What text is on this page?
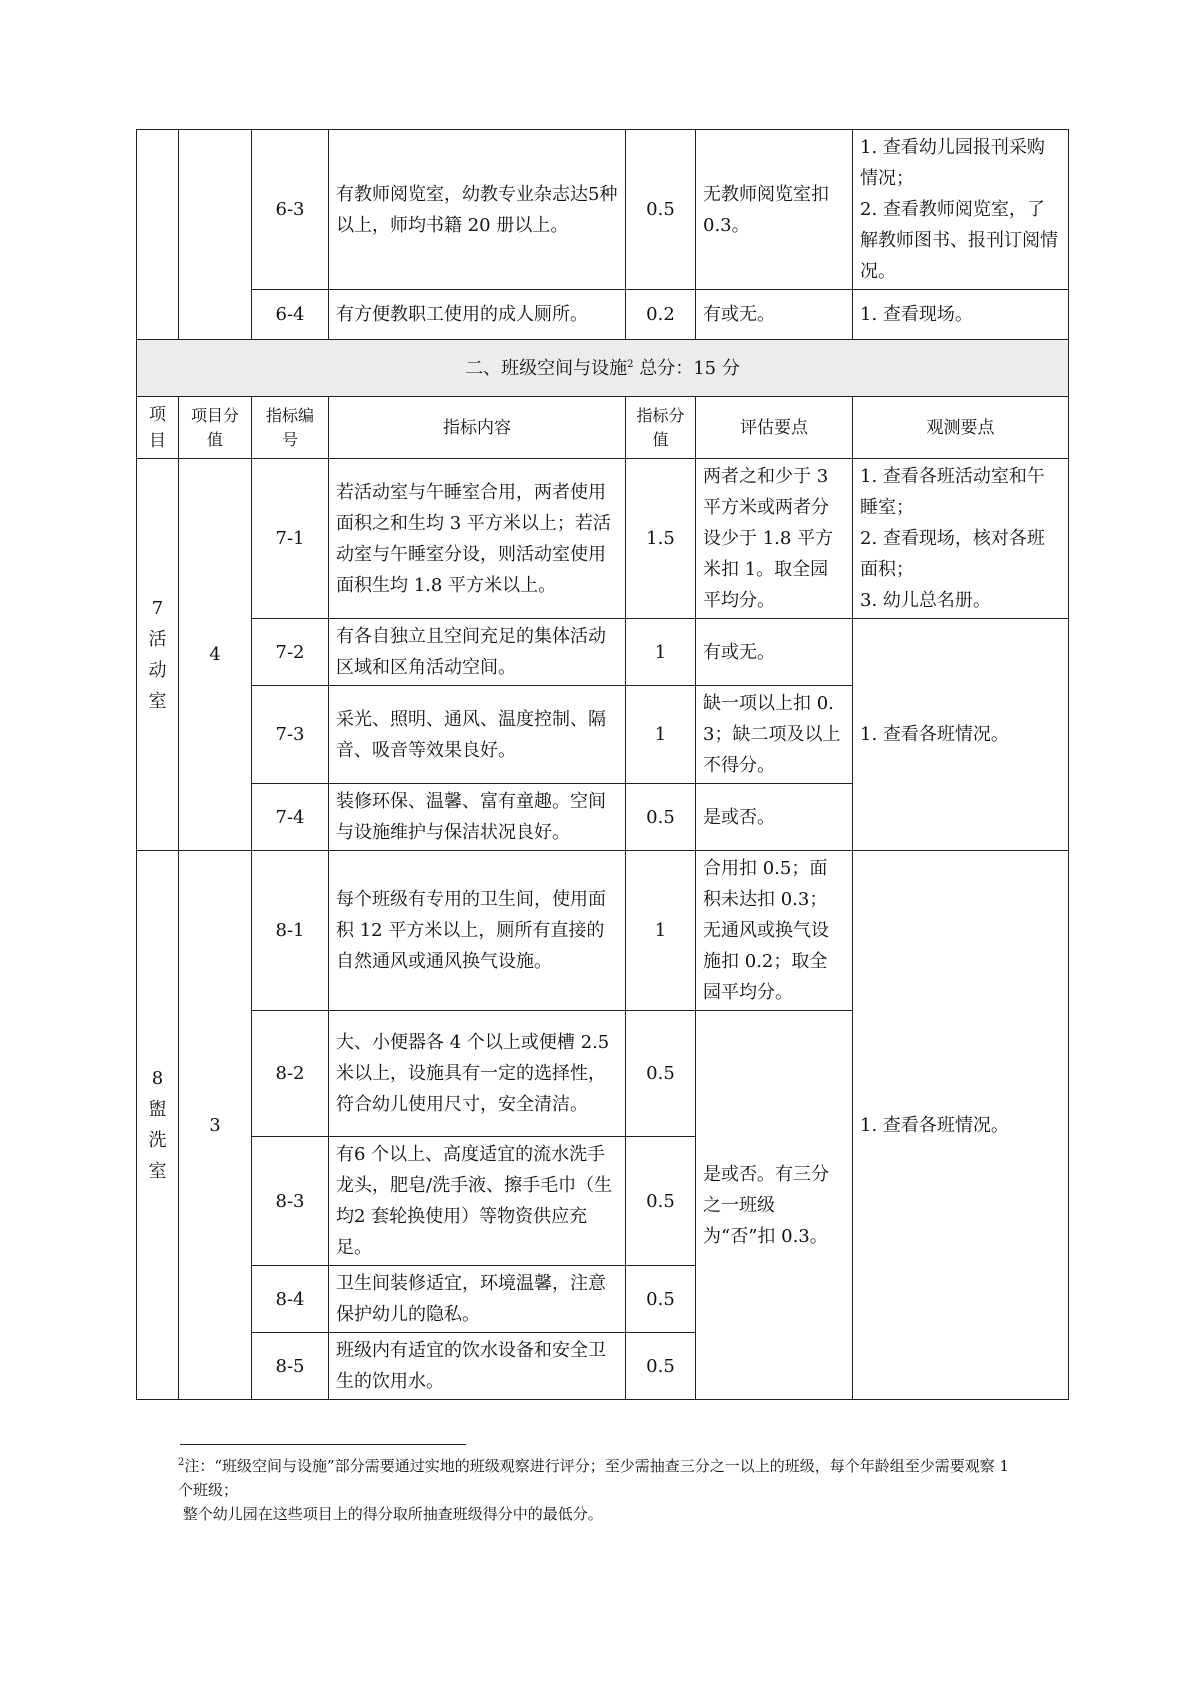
		6-3	有教师阅览室，幼教专业杂志达5种以上，师均书籍 20 册以上。	0.5	无教师阅览室扣 0.3。	1. 查看幼儿园报刊采购情况；
2. 查看教师阅览室，了解教师图书、报刊订阅情况。

		6-4	有方便教职工使用的成人厕所。	0.2	有或无。	1. 查看现场。
二、班级空间与设施$^2$ 总分：15 分						
项目	项目分值	指标编号	指标内容	指标分值	评估要点	观测要点
7活动室	4	7-1	若活动室与午睡室合用，两者使用面积之和生均 3 平方米以上；若活动室与午睡室分设，则活动室使用面积生均 1.8 平方米以上。	1.5	两者之和少于 3 平方米或两者分设少于 1.8 平方米扣 1。取全园平均分。	1. 查看各班活动室和午睡室；
2. 查看现场，核对各班面积；
3. 幼儿总名册。

		7-2	有各自独立且空间充足的集体活动区域和区角活动空间。	1	有或无。	1. 查看各班情况。
		7-3	采光、照明、通风、温度控制、隔音、吸音等效果良好。	1	缺一项以上扣 0.3；缺二项及以上不得分。	
		7-4	装修环保、温馨、富有童趣。空间与设施维护与保洁状况良好。	0.5	是或否。	
8盥洗室	3	8-1	每个班级有专用的卫生间，使用面积 12 平方米以上，厕所有直接的自然通风或通风换气设施。	1	合用扣 0.5；面积未达扣 0.3； 无通风或换气设施扣 0.2；取全园平均分。	1. 查看各班情况。
		8-2	大、小便器各 4 个以上或便槽 2.5 米以上，设施具有一定的选择性，符合幼儿使用尺寸，安全清洁。	0.5	是或否。有三分之一班级为“否”扣 0.3。	
		8-3	有6 个以上、高度适宜的流水洗手龙头，肥皂/洗手液、擦手毛巾（生均2 套轮换使用）等物资供应充足。	0.5		
		8-4	卫生间装修适宜，环境温馨，注意保护幼儿的隐私。	0.5		
		8-5	班级内有适宜的饮水设备和安全卫生的饮用水。	0.5		

$^2$注：“班级空间与设施”部分需要通过实地的班级观察进行评分；至少需抽查三分之一以上的班级，每个年龄组至少需要观察 1 个班级；

整个幼儿园在这些项目上的得分取所抽查班级得分中的最低分。
